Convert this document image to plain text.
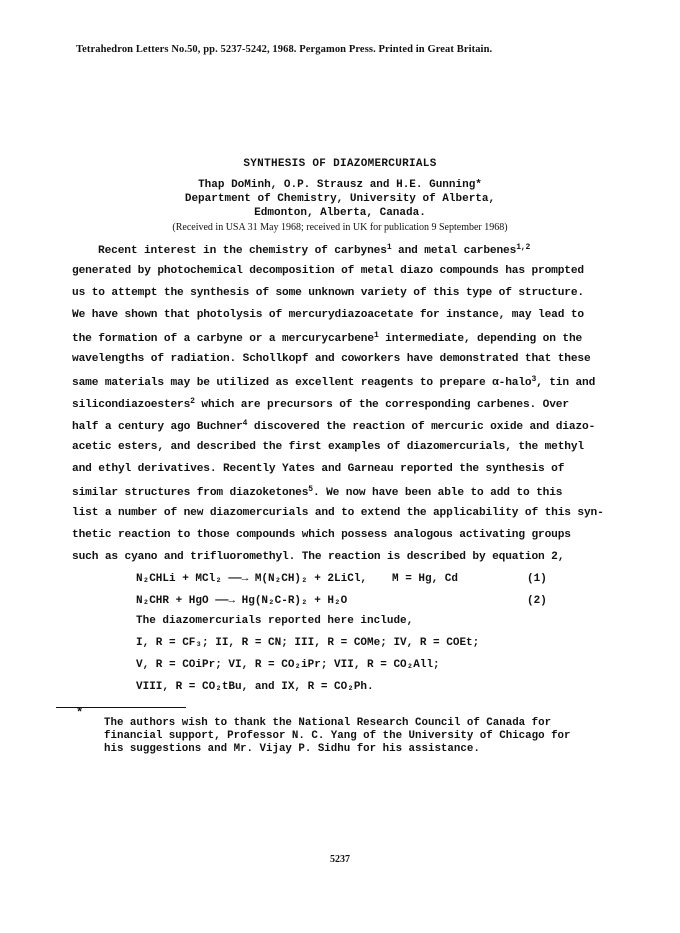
Tetrahedron Letters No.50, pp. 5237-5242, 1968. Pergamon Press. Printed in Great Britain.
SYNTHESIS OF DIAZOMERCURIALS
Thap DoMinh, O.P. Strausz and H.E. Gunning*
Department of Chemistry, University of Alberta,
Edmonton, Alberta, Canada.
(Received in USA 31 May 1968; received in UK for publication 9 September 1968)
Recent interest in the chemistry of carbynes$^1$ and metal carbenes$^{1,2}$
generated by photochemical decomposition of metal diazo compounds has prompted
us to attempt the synthesis of some unknown variety of this type of structure.
We have shown that photolysis of mercurydiazoacetate for instance, may lead to
the formation of a carbyne or a mercurycarbene$^1$ intermediate, depending on the
wavelengths of radiation. Schollkopf and coworkers have demonstrated that these
same materials may be utilized as excellent reagents to prepare α-halo$^3$, tin and
silicondiazoesters$^2$ which are precursors of the corresponding carbenes. Over
half a century ago Buchner$^4$ discovered the reaction of mercuric oxide and diazo-
acetic esters, and described the first examples of diazomercurials, the methyl
and ethyl derivatives. Recently Yates and Garneau reported the synthesis of
similar structures from diazoketones$^5$. We now have been able to add to this
list a number of new diazomercurials and to extend the applicability of this syn-
thetic reaction to those compounds which possess analogous activating groups
such as cyano and trifluoromethyl. The reaction is described by equation 2,
N₂CHLi + MCl₂ ——→ M(N₂CH)₂ + 2LiCl, M = Hg, Cd	(1)
N₂CHR + HgO ——→ Hg(N₂C-R)₂ + H₂O	(2)
The diazomercurials reported here include,
I, R = CF₃; II, R = CN; III, R = COMe; IV, R = COEt;
V, R = COiPr; VI, R = CO₂iPr; VII, R = CO₂All;
VIII, R = CO₂tBu, and IX, R = CO₂Ph.
*
The authors wish to thank the National Research Council of Canada for
financial support, Professor N. C. Yang of the University of Chicago for
his suggestions and Mr. Vijay P. Sidhu for his assistance.
5237
